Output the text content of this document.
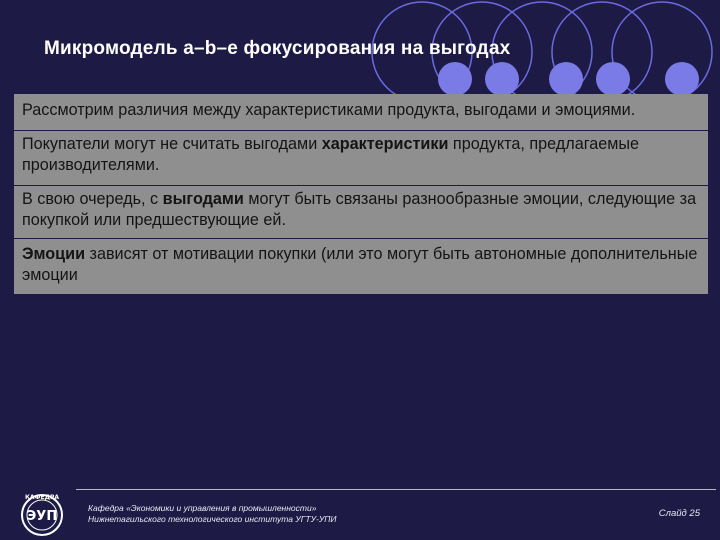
Микромодель a–b–e фокусирования на выгодах
Рассмотрим различия между характеристиками продукта, выгодами и эмоциями.
Покупатели могут не считать выгодами характеристики продукта, предлагаемые производителями.
В свою очередь, с выгодами могут быть связаны разнообразные эмоции, следующие за покупкой или предшествующие ей.
Эмоции зависят от мотивации покупки (или это могут быть автономные дополнительные эмоции
КАФЕДРА
ЭУП
Кафедра «Экономики и управления в промышленности»
Нижнетагильского технологического института УГТУ-УПИ	Слайд 25
